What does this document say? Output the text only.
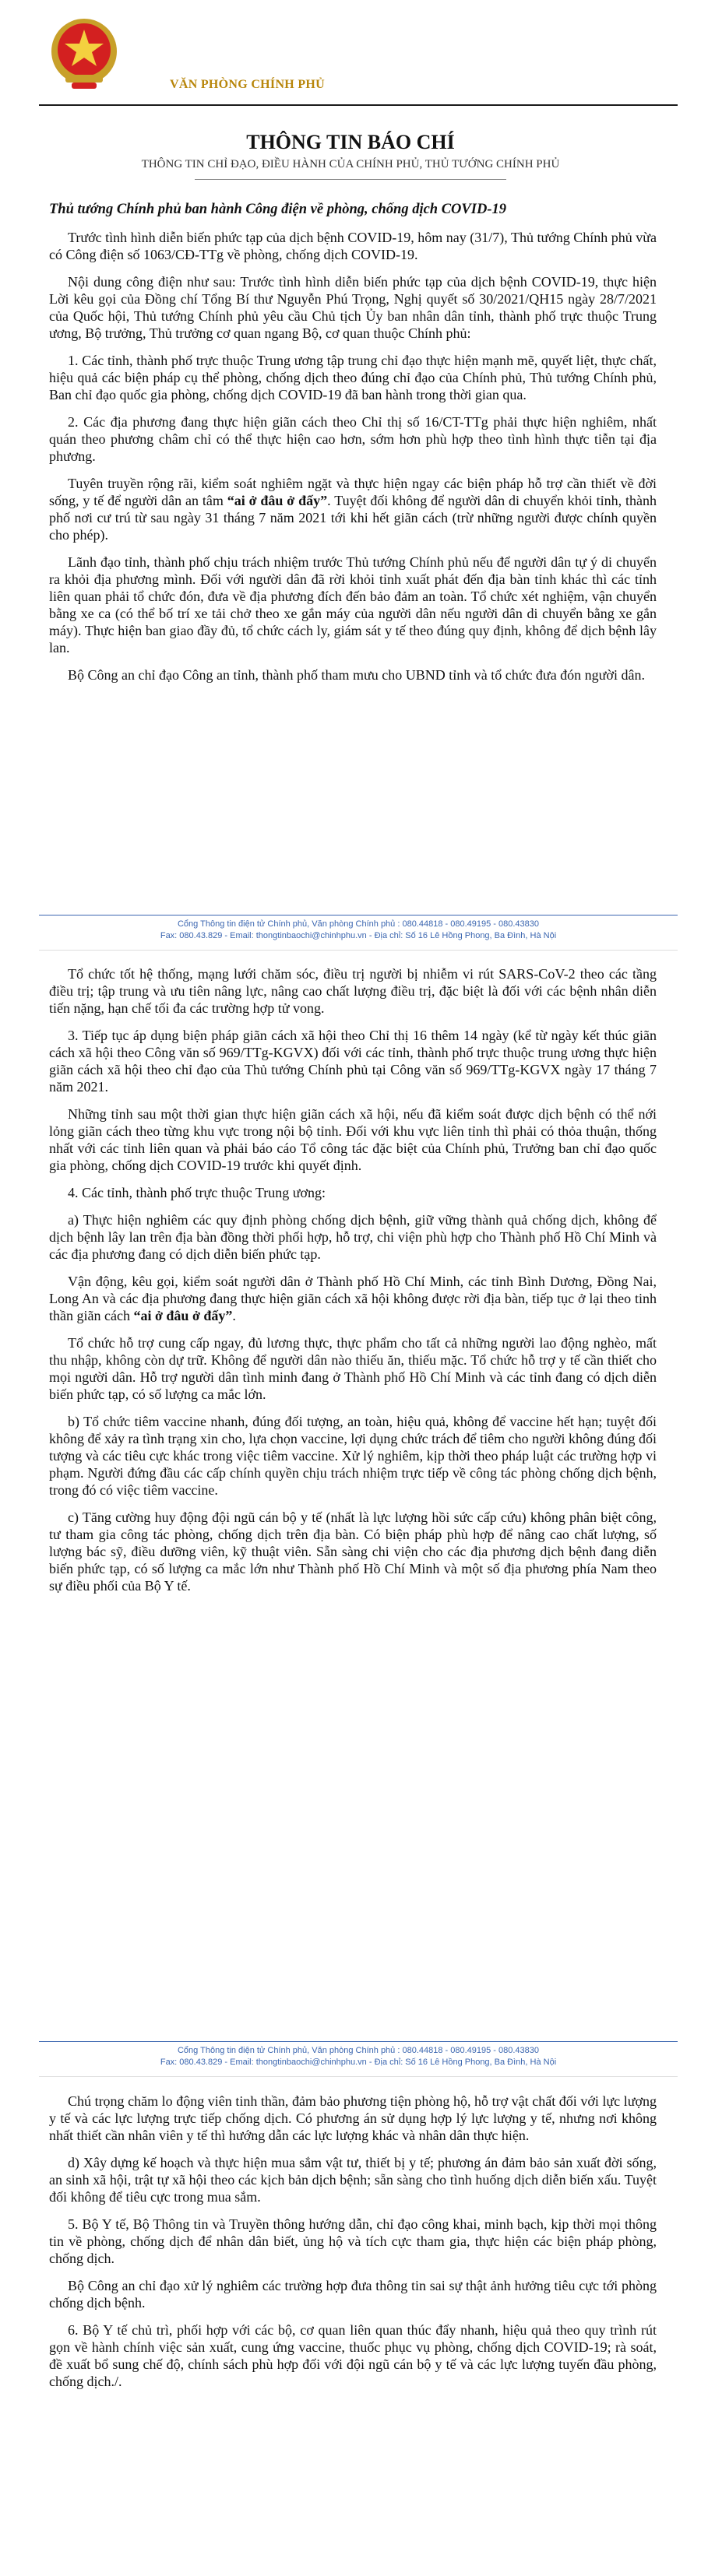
VĂN PHÒNG CHÍNH PHỦ
THÔNG TIN BÁO CHÍ
THÔNG TIN CHỈ ĐẠO, ĐIỀU HÀNH CỦA CHÍNH PHỦ, THỦ TƯỚNG CHÍNH PHỦ

Thủ tướng Chính phủ ban hành Công điện về phòng, chống dịch COVID-19

Trước tình hình diễn biến phức tạp của dịch bệnh COVID-19, hôm nay (31/7), Thủ tướng Chính phủ vừa có Công điện số 1063/CĐ-TTg về phòng, chống dịch COVID-19.

Nội dung công điện như sau: Trước tình hình diễn biến phức tạp của dịch bệnh COVID-19, thực hiện Lời kêu gọi của Đồng chí Tổng Bí thư Nguyễn Phú Trọng, Nghị quyết số 30/2021/QH15 ngày 28/7/2021 của Quốc hội, Thủ tướng Chính phủ yêu cầu Chủ tịch Ủy ban nhân dân tỉnh, thành phố trực thuộc Trung ương, Bộ trưởng, Thủ trưởng cơ quan ngang Bộ, cơ quan thuộc Chính phủ:

1. Các tỉnh, thành phố trực thuộc Trung ương tập trung chỉ đạo thực hiện mạnh mẽ, quyết liệt, thực chất, hiệu quả các biện pháp cụ thể phòng, chống dịch theo đúng chỉ đạo của Chính phủ, Thủ tướng Chính phủ, Ban chỉ đạo quốc gia phòng, chống dịch COVID-19 đã ban hành trong thời gian qua.

2. Các địa phương đang thực hiện giãn cách theo Chỉ thị số 16/CT-TTg phải thực hiện nghiêm, nhất quán theo phương châm chỉ có thể thực hiện cao hơn, sớm hơn phù hợp theo tình hình thực tiễn tại địa phương.

Tuyên truyền rộng rãi, kiểm soát nghiêm ngặt và thực hiện ngay các biện pháp hỗ trợ cần thiết về đời sống, y tế để người dân an tâm “ai ở đâu ở đấy”. Tuyệt đối không để người dân di chuyển khỏi tỉnh, thành phố nơi cư trú từ sau ngày 31 tháng 7 năm 2021 tới khi hết giãn cách (trừ những người được chính quyền cho phép).

Lãnh đạo tỉnh, thành phố chịu trách nhiệm trước Thủ tướng Chính phủ nếu để người dân tự ý di chuyển ra khỏi địa phương mình. Đối với người dân đã rời khỏi tỉnh xuất phát đến địa bàn tỉnh khác thì các tỉnh liên quan phải tổ chức đón, đưa về địa phương đích đến bảo đảm an toàn. Tổ chức xét nghiệm, vận chuyển bằng xe ca (có thể bố trí xe tải chở theo xe gắn máy của người dân nếu người dân di chuyển bằng xe gắn máy). Thực hiện ban giao đầy đủ, tổ chức cách ly, giám sát y tế theo đúng quy định, không để dịch bệnh lây lan.

Bộ Công an chỉ đạo Công an tỉnh, thành phố tham mưu cho UBND tỉnh và tổ chức đưa đón người dân.

Cổng Thông tin điện tử Chính phủ, Văn phòng Chính phủ : 080.44818 - 080.49195 - 080.43830
Fax: 080.43.829 - Email: thongtinbaochi@chinhphu.vn - Địa chỉ: Số 16 Lê Hồng Phong, Ba Đình, Hà Nội

Tổ chức tốt hệ thống, mạng lưới chăm sóc, điều trị người bị nhiễm vi rút SARS-CoV-2 theo các tầng điều trị; tập trung và ưu tiên nâng lực, nâng cao chất lượng điều trị, đặc biệt là đối với các bệnh nhân diễn tiến nặng, hạn chế tối đa các trường hợp tử vong.

3. Tiếp tục áp dụng biện pháp giãn cách xã hội theo Chỉ thị 16 thêm 14 ngày (kể từ ngày kết thúc giãn cách xã hội theo Công văn số 969/TTg-KGVX) đối với các tỉnh, thành phố trực thuộc trung ương thực hiện giãn cách xã hội theo chỉ đạo của Thủ tướng Chính phủ tại Công văn số 969/TTg-KGVX ngày 17 tháng 7 năm 2021.

Những tỉnh sau một thời gian thực hiện giãn cách xã hội, nếu đã kiểm soát được dịch bệnh có thể nới lỏng giãn cách theo từng khu vực trong nội bộ tỉnh. Đối với khu vực liên tỉnh thì phải có thỏa thuận, thống nhất với các tỉnh liên quan và phải báo cáo Tổ công tác đặc biệt của Chính phủ, Trưởng ban chỉ đạo quốc gia phòng, chống dịch COVID-19 trước khi quyết định.

4. Các tỉnh, thành phố trực thuộc Trung ương:

a) Thực hiện nghiêm các quy định phòng chống dịch bệnh, giữ vững thành quả chống dịch, không để dịch bệnh lây lan trên địa bàn đồng thời phối hợp, hỗ trợ, chi viện phù hợp cho Thành phố Hồ Chí Minh và các địa phương đang có dịch diễn biến phức tạp.

Vận động, kêu gọi, kiểm soát người dân ở Thành phố Hồ Chí Minh, các tỉnh Bình Dương, Đồng Nai, Long An và các địa phương đang thực hiện giãn cách xã hội không được rời địa bàn, tiếp tục ở lại theo tinh thần giãn cách “ai ở đâu ở đấy”.

Tổ chức hỗ trợ cung cấp ngay, đủ lương thực, thực phẩm cho tất cả những người lao động nghèo, mất thu nhập, không còn dự trữ. Không để người dân nào thiếu ăn, thiếu mặc. Tổ chức hỗ trợ y tế cần thiết cho mọi người dân. Hỗ trợ người dân tình minh đang ở Thành phố Hồ Chí Minh và các tỉnh đang có dịch diễn biến phức tạp, có số lượng ca mắc lớn.

b) Tổ chức tiêm vaccine nhanh, đúng đối tượng, an toàn, hiệu quả, không để vaccine hết hạn; tuyệt đối không để xảy ra tình trạng xin cho, lựa chọn vaccine, lợi dụng chức trách để tiêm cho người không đúng đối tượng và các tiêu cực khác trong việc tiêm vaccine. Xử lý nghiêm, kịp thời theo pháp luật các trường hợp vi phạm. Người đứng đầu các cấp chính quyền chịu trách nhiệm trực tiếp về công tác phòng chống dịch bệnh, trong đó có việc tiêm vaccine.

c) Tăng cường huy động đội ngũ cán bộ y tế (nhất là lực lượng hồi sức cấp cứu) không phân biệt công, tư tham gia công tác phòng, chống dịch trên địa bàn. Có biện pháp phù hợp để nâng cao chất lượng, số lượng bác sỹ, điều dưỡng viên, kỹ thuật viên. Sẵn sàng chi viện cho các địa phương dịch bệnh đang diễn biến phức tạp, có số lượng ca mắc lớn như Thành phố Hồ Chí Minh và một số địa phương phía Nam theo sự điều phối của Bộ Y tế.

Cổng Thông tin điện tử Chính phủ, Văn phòng Chính phủ : 080.44818 - 080.49195 - 080.43830
Fax: 080.43.829 - Email: thongtinbaochi@chinhphu.vn - Địa chỉ: Số 16 Lê Hồng Phong, Ba Đình, Hà Nội

Chú trọng chăm lo động viên tinh thần, đảm bảo phương tiện phòng hộ, hỗ trợ vật chất đối với lực lượng y tế và các lực lượng trực tiếp chống dịch. Có phương án sử dụng hợp lý lực lượng y tế, nhưng nơi không nhất thiết cần nhân viên y tế thì hướng dẫn các lực lượng khác và nhân dân thực hiện.

d) Xây dựng kế hoạch và thực hiện mua sắm vật tư, thiết bị y tế; phương án đảm bảo sản xuất đời sống, an sinh xã hội, trật tự xã hội theo các kịch bản dịch bệnh; sẵn sàng cho tình huống dịch diễn biến xấu. Tuyệt đối không để tiêu cực trong mua sắm.

5. Bộ Y tế, Bộ Thông tin và Truyền thông hướng dẫn, chỉ đạo công khai, minh bạch, kịp thời mọi thông tin về phòng, chống dịch để nhân dân biết, ủng hộ và tích cực tham gia, thực hiện các biện pháp phòng, chống dịch.

Bộ Công an chỉ đạo xử lý nghiêm các trường hợp đưa thông tin sai sự thật ảnh hưởng tiêu cực tới phòng chống dịch bệnh.

6. Bộ Y tế chủ trì, phối hợp với các bộ, cơ quan liên quan thúc đẩy nhanh, hiệu quả theo quy trình rút gọn về hành chính việc sản xuất, cung ứng vaccine, thuốc phục vụ phòng, chống dịch COVID-19; rà soát, đề xuất bổ sung chế độ, chính sách phù hợp đối với đội ngũ cán bộ y tế và các lực lượng tuyến đầu phòng, chống dịch./.
